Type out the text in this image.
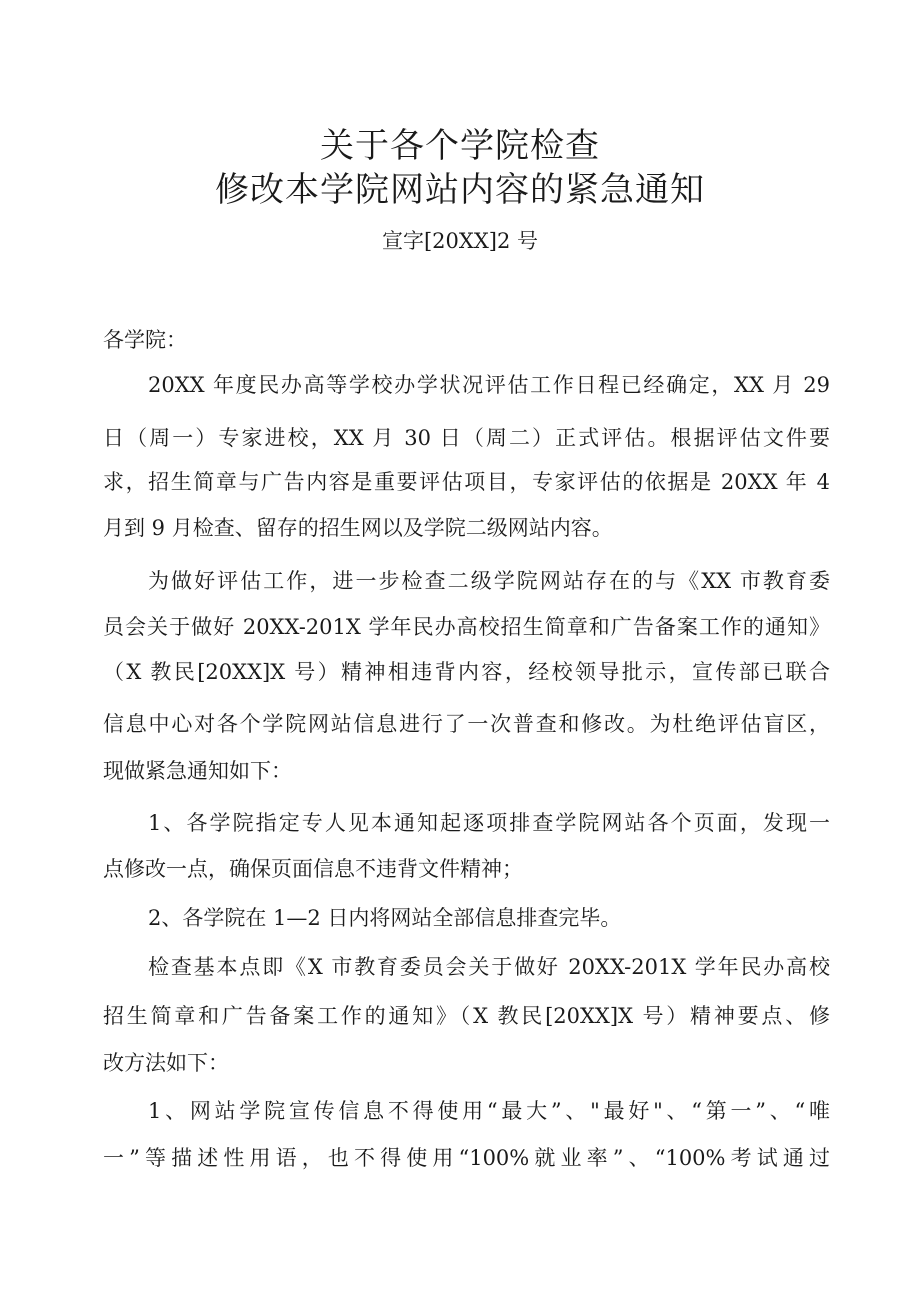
关于各个学院检查
修改本学院网站内容的紧急通知
宣字[20XX]2 号
各学院：
20XX 年度民办高等学校办学状况评估工作日程已经确定，XX 月 29
日（周一）专家进校，XX 月 30 日（周二）正式评估。根据评估文件要
求，招生简章与广告内容是重要评估项目，专家评估的依据是 20XX 年 4
月到 9 月检查、留存的招生网以及学院二级网站内容。
为做好评估工作，进一步检查二级学院网站存在的与《XX 市教育委
员会关于做好 20XX-201X 学年民办高校招生简章和广告备案工作的通知》
（X 教民[20XX]X 号）精神相违背内容，经校领导批示，宣传部已联合
信息中心对各个学院网站信息进行了一次普查和修改。为杜绝评估盲区，
现做紧急通知如下：
1、各学院指定专人见本通知起逐项排查学院网站各个页面，发现一
点修改一点，确保页面信息不违背文件精神；
2、各学院在 1—2 日内将网站全部信息排查完毕。
检查基本点即《X 市教育委员会关于做好 20XX-201X 学年民办高校
招生简章和广告备案工作的通知》（X 教民[20XX]X 号）精神要点、修
改方法如下：
1、网站学院宣传信息不得使用“最大”、"最好"、“第一”、“唯
一”等描述性用语，也不得使用“100%就业率”、“100%考试通过
